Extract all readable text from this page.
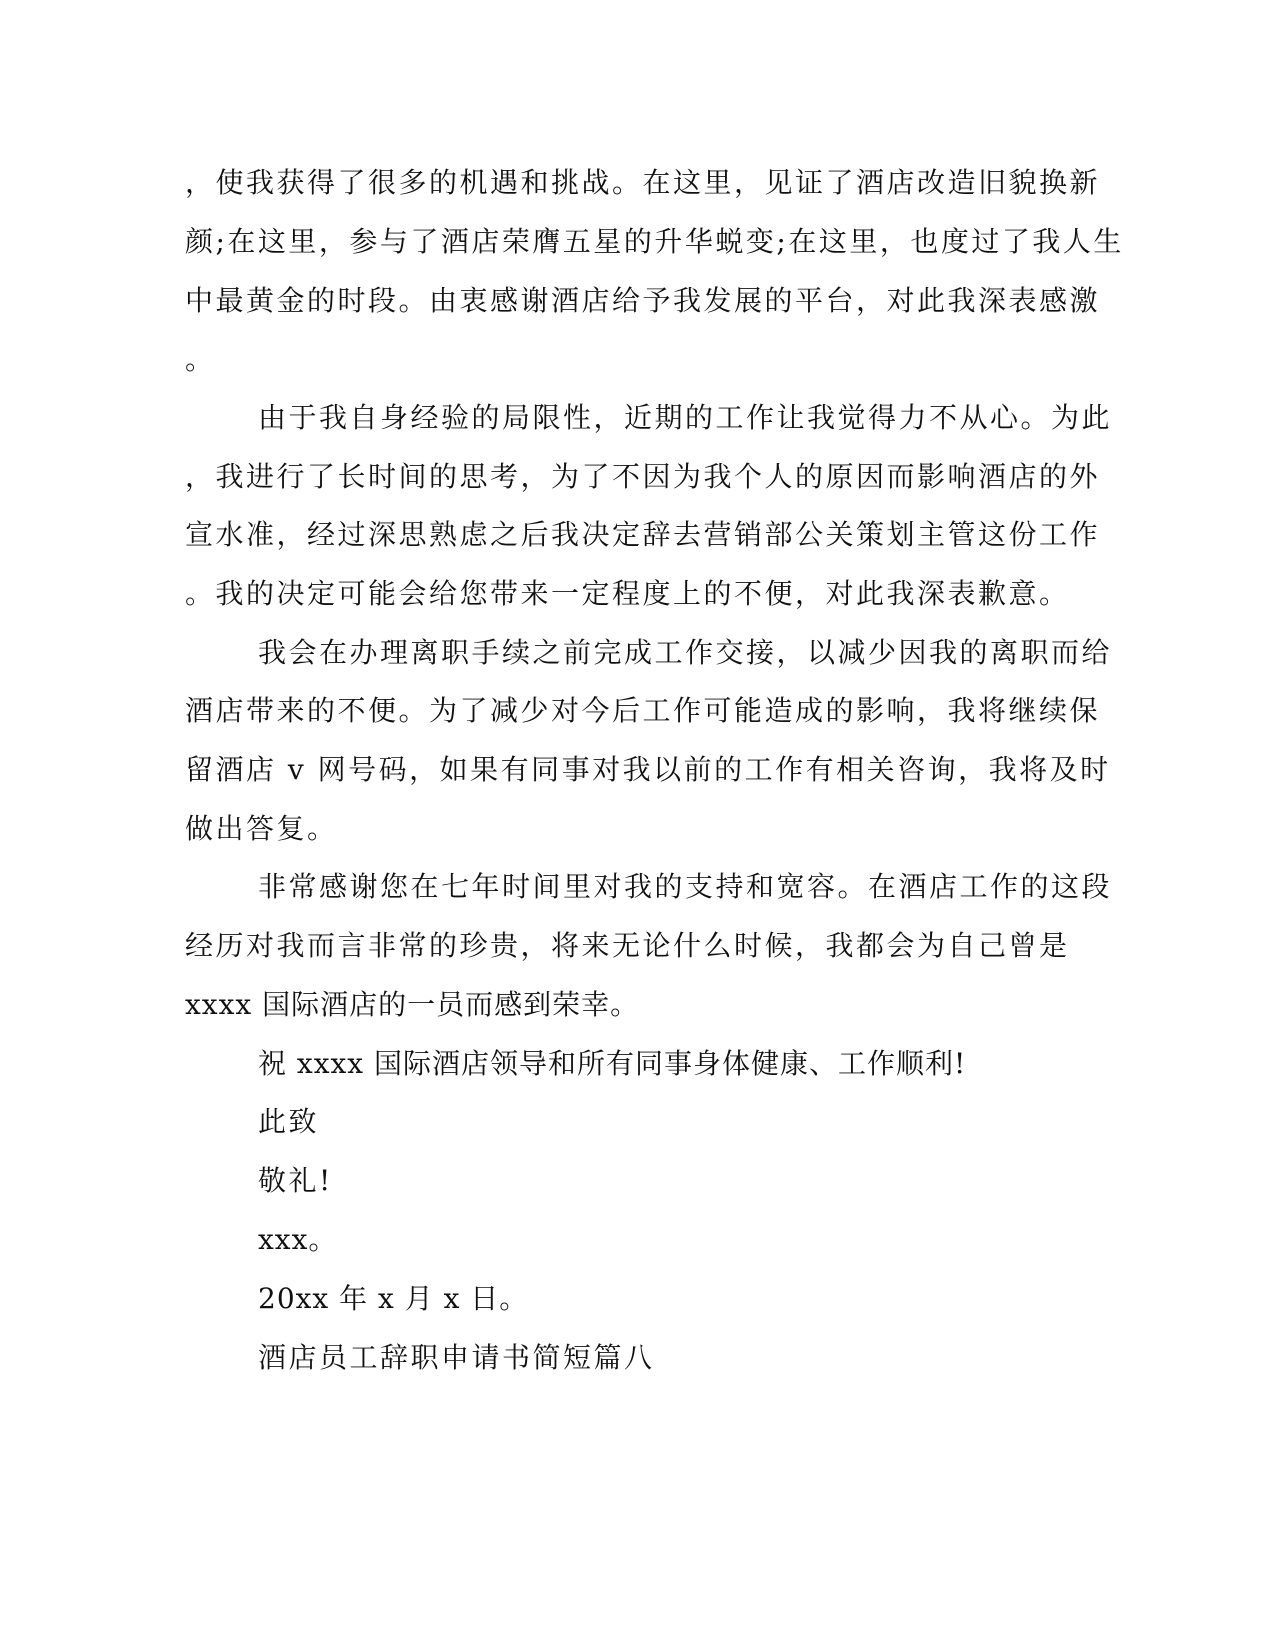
，使我获得了很多的机遇和挑战。在这里，见证了酒店改造旧貌换新
颜;在这里，参与了酒店荣膺五星的升华蜕变;在这里，也度过了我人生
中最黄金的时段。由衷感谢酒店给予我发展的平台，对此我深表感激
。
由于我自身经验的局限性，近期的工作让我觉得力不从心。为此
，我进行了长时间的思考，为了不因为我个人的原因而影响酒店的外
宣水准，经过深思熟虑之后我决定辞去营销部公关策划主管这份工作
。我的决定可能会给您带来一定程度上的不便，对此我深表歉意。
我会在办理离职手续之前完成工作交接，以减少因我的离职而给
酒店带来的不便。为了减少对今后工作可能造成的影响，我将继续保
留酒店 v 网号码，如果有同事对我以前的工作有相关咨询，我将及时
做出答复。
非常感谢您在七年时间里对我的支持和宽容。在酒店工作的这段
经历对我而言非常的珍贵，将来无论什么时候，我都会为自己曾是
xxxx 国际酒店的一员而感到荣幸。
祝 xxxx 国际酒店领导和所有同事身体健康、工作顺利!
此致
敬礼!
xxx。
20xx 年 x 月 x 日。
酒店员工辞职申请书简短篇八
